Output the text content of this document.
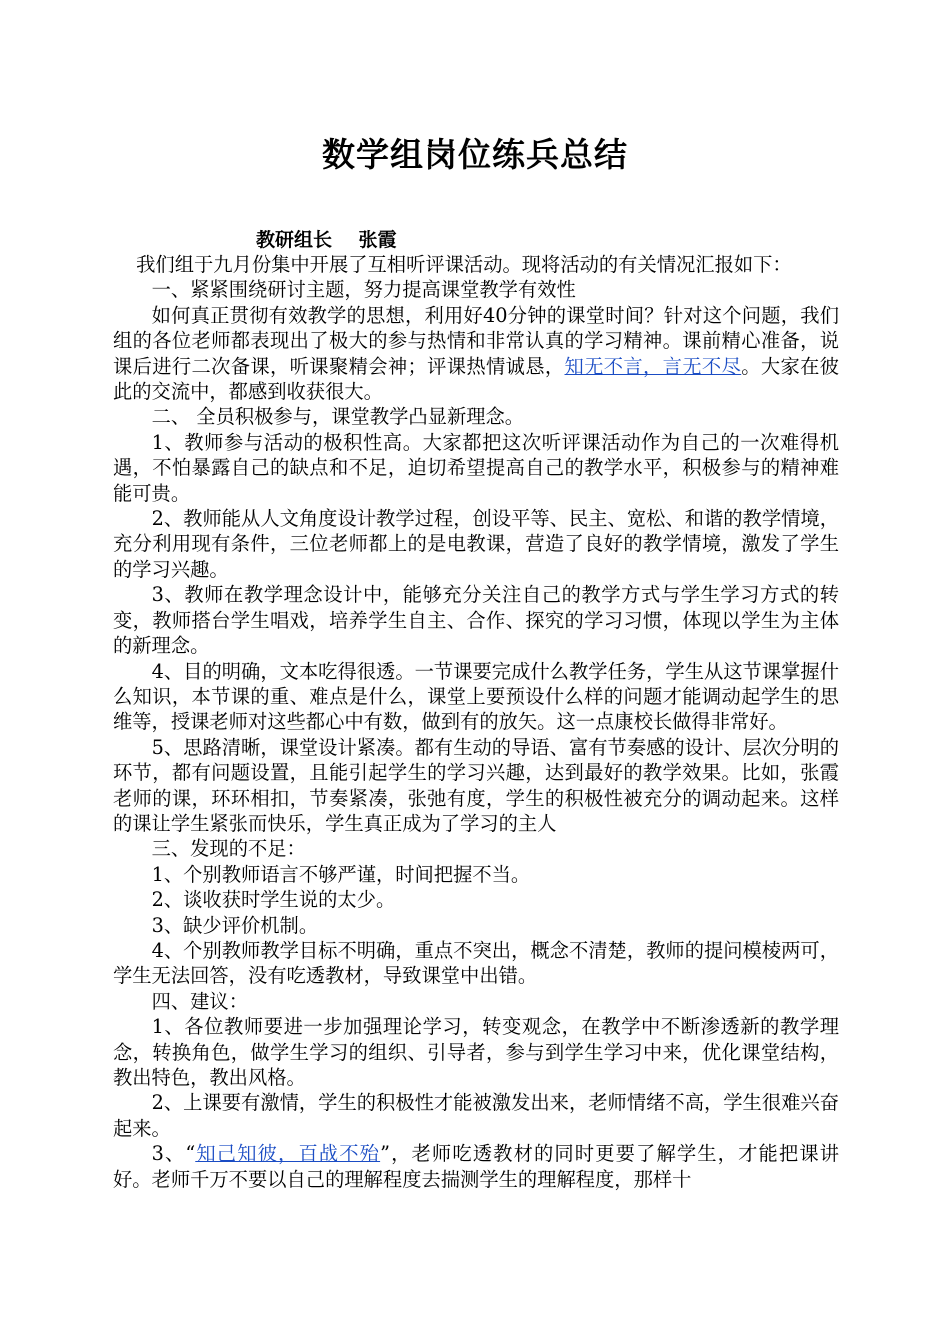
数学组岗位练兵总结
教研组长    张霞

我们组于九月份集中开展了互相听评课活动。现将活动的有关情况汇报如下：

一、紧紧围绕研讨主题，努力提高课堂教学有效性

如何真正贯彻有效教学的思想，利用好40分钟的课堂时间？针对这个问题，我们组的各位老师都表现出了极大的参与热情和非常认真的学习精神。课前精心准备，说课后进行二次备课，听课聚精会神；评课热情诚恳，知无不言，言无不尽。大家在彼此的交流中，都感到收获很大。

二、 全员积极参与，课堂教学凸显新理念。

1、教师参与活动的极积性高。大家都把这次听评课活动作为自己的一次难得机遇，不怕暴露自己的缺点和不足，迫切希望提高自己的教学水平，积极参与的精神难能可贵。

2、教师能从人文角度设计教学过程，创设平等、民主、宽松、和谐的教学情境，充分利用现有条件，三位老师都上的是电教课，营造了良好的教学情境，激发了学生的学习兴趣。

3、教师在教学理念设计中，能够充分关注自己的教学方式与学生学习方式的转变，教师搭台学生唱戏，培养学生自主、合作、探究的学习习惯，体现以学生为主体的新理念。

4、目的明确，文本吃得很透。一节课要完成什么教学任务，学生从这节课掌握什么知识，本节课的重、难点是什么，课堂上要预设什么样的问题才能调动起学生的思维等，授课老师对这些都心中有数，做到有的放矢。这一点康校长做得非常好。

5、思路清晰，课堂设计紧凑。都有生动的导语、富有节奏感的设计、层次分明的环节，都有问题设置，且能引起学生的学习兴趣，达到最好的教学效果。比如，张霞老师的课，环环相扣，节奏紧凑，张弛有度，学生的积极性被充分的调动起来。这样的课让学生紧张而快乐，学生真正成为了学习的主人

三、发现的不足：

1、个别教师语言不够严谨，时间把握不当。

2、谈收获时学生说的太少。

3、缺少评价机制。

4、个别教师教学目标不明确，重点不突出，概念不清楚，教师的提问模棱两可，学生无法回答，没有吃透教材，导致课堂中出错。

四、建议：

1、各位教师要进一步加强理论学习，转变观念，在教学中不断渗透新的教学理念，转换角色，做学生学习的组织、引导者，参与到学生学习中来，优化课堂结构，教出特色，教出风格。

2、上课要有激情，学生的积极性才能被激发出来，老师情绪不高，学生很难兴奋起来。

3、“知己知彼，百战不殆”，老师吃透教材的同时更要了解学生，才能把课讲好。老师千万不要以自己的理解程度去揣测学生的理解程度，那样十
